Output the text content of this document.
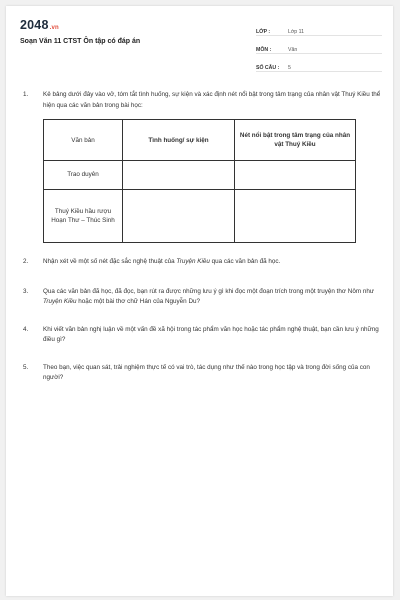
2048.vn
Soạn Văn 11 CTST Ôn tập có đáp án
LỚP :	Lớp 11
MÔN :	Văn
SỐ CÂU :	5
1. Kẻ bảng dưới đây vào vở, tóm tắt tình huống, sự kiện và xác định nét nổi bật trong tâm trạng của nhân vật Thuý Kiều thể hiện qua các văn bản trong bài học:
Văn bản	Tình huống/ sự kiện	Nét nổi bật trong tâm trạng của nhân vật Thuý Kiều
Trao duyên		
Thuý Kiều hầu rượu Hoạn Thư – Thúc Sinh		
2. Nhận xét về một số nét đặc sắc nghệ thuật của Truyện Kiều qua các văn bản đã học.
3. Qua các văn bản đã học, đã đọc, bạn rút ra được những lưu ý gì khi đọc một đoạn trích trong một truyện thơ Nôm như Truyện Kiều hoặc một bài thơ chữ Hán của Nguyễn Du?
4. Khi viết văn bản nghị luận về một vấn đề xã hội trong tác phẩm văn học hoặc tác phẩm nghệ thuật, bạn cần lưu ý những điều gì?
5. Theo bạn, việc quan sát, trải nghiệm thực tế có vai trò, tác dụng như thế nào trong học tập và trong đời sống của con người?
